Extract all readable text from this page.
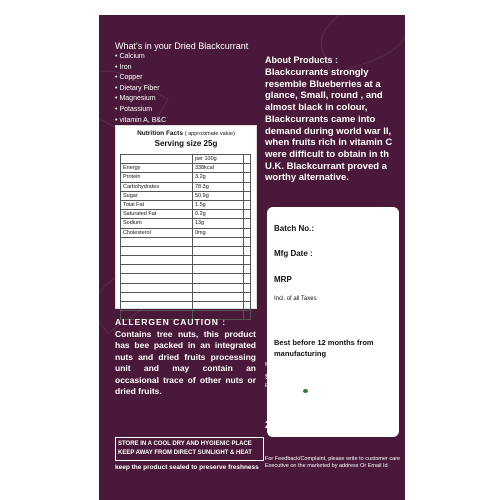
What's in your Dried Blackcurrant
• Calcium
• Iron
• Copper
• Dietary Fiber
• Magnesium
• Potassium
• vitamin A, B&C
About Products :
Blackcurrants strongly resemble Blueberries at a glance, Small, round , and almost black in colour, Blackcurrants came into demand during world war II, when fruits rich in vitamin C were difficult to obtain in th U.K. Blackcurrant proved a worthy alternative.
Nutrition Facts ( approximate value)
Serving size 25g
	per 100g	
Energy	338kcal	
Protein	3.2g	
Carbohydrates	78.3g	
Sugar	50.9g	
Total Fat	1.5g	
Saturated Fat	0.2g	
Sodium	13g	
Cholesterol	0mg	

			Batch No.:
Mfg Date :
MRP
Incl. of all Taxes
Best before 12 months from manufacturing
ALLERGEN CAUTION :
Contains tree nuts, this product has bee packed in an integrated nuts and dried fruits processing unit and may contain an occasional trace of other nuts or dried fruits.
Manufactured & Marketed by :
Surbhi Garg Nutrition Center
Email :- sgnutritionofficial@gmail.com
fssai
23324998001208
STORE IN A COOL DRY AND HYGIENIC PLACE
KEEP AWAY FROM DIRECT SUNLIGHT & HEAT
keep the product sealed to preserve freshness
For Feedback/Complaint, please write to customer care Executive on the marketed by address Or Email Id
